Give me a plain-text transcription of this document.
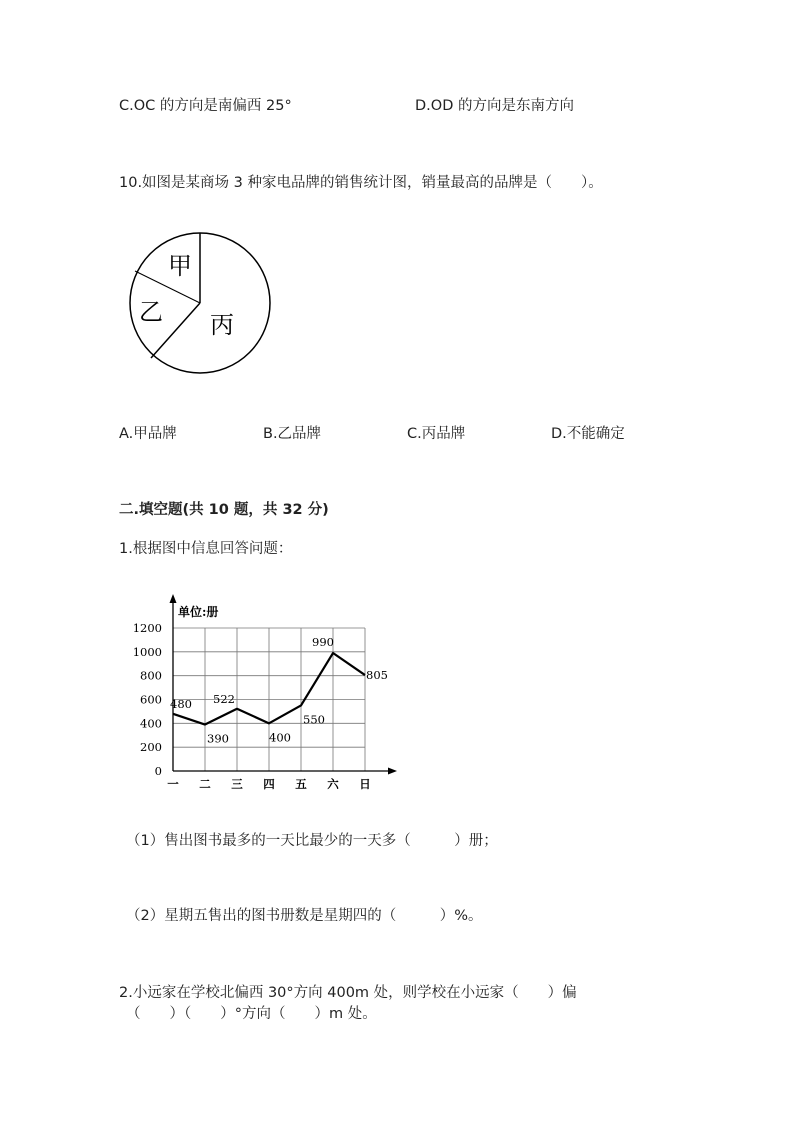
C.OC 的方向是南偏西 25°	D.OD 的方向是东南方向
10.如图是某商场 3 种家电品牌的销售统计图，销量最高的品牌是（　　）。
甲
乙 丙
A.甲品牌	B.乙品牌	C.丙品牌	D.不能确定
二.填空题(共 10 题，共 32 分)
1.根据图中信息回答问题：
单位:册
0
200
400
600
800
1000
1200
一 二 三 四 五 六 日
480
390
522
400
550
990
805
（1）售出图书最多的一天比最少的一天多（　　　）册；
（2）星期五售出的图书册数是星期四的（　　　）%。
2.小远家在学校北偏西 30°方向 400m 处，则学校在小远家（　　）偏
（　　）（　　）°方向（　　）m 处。
